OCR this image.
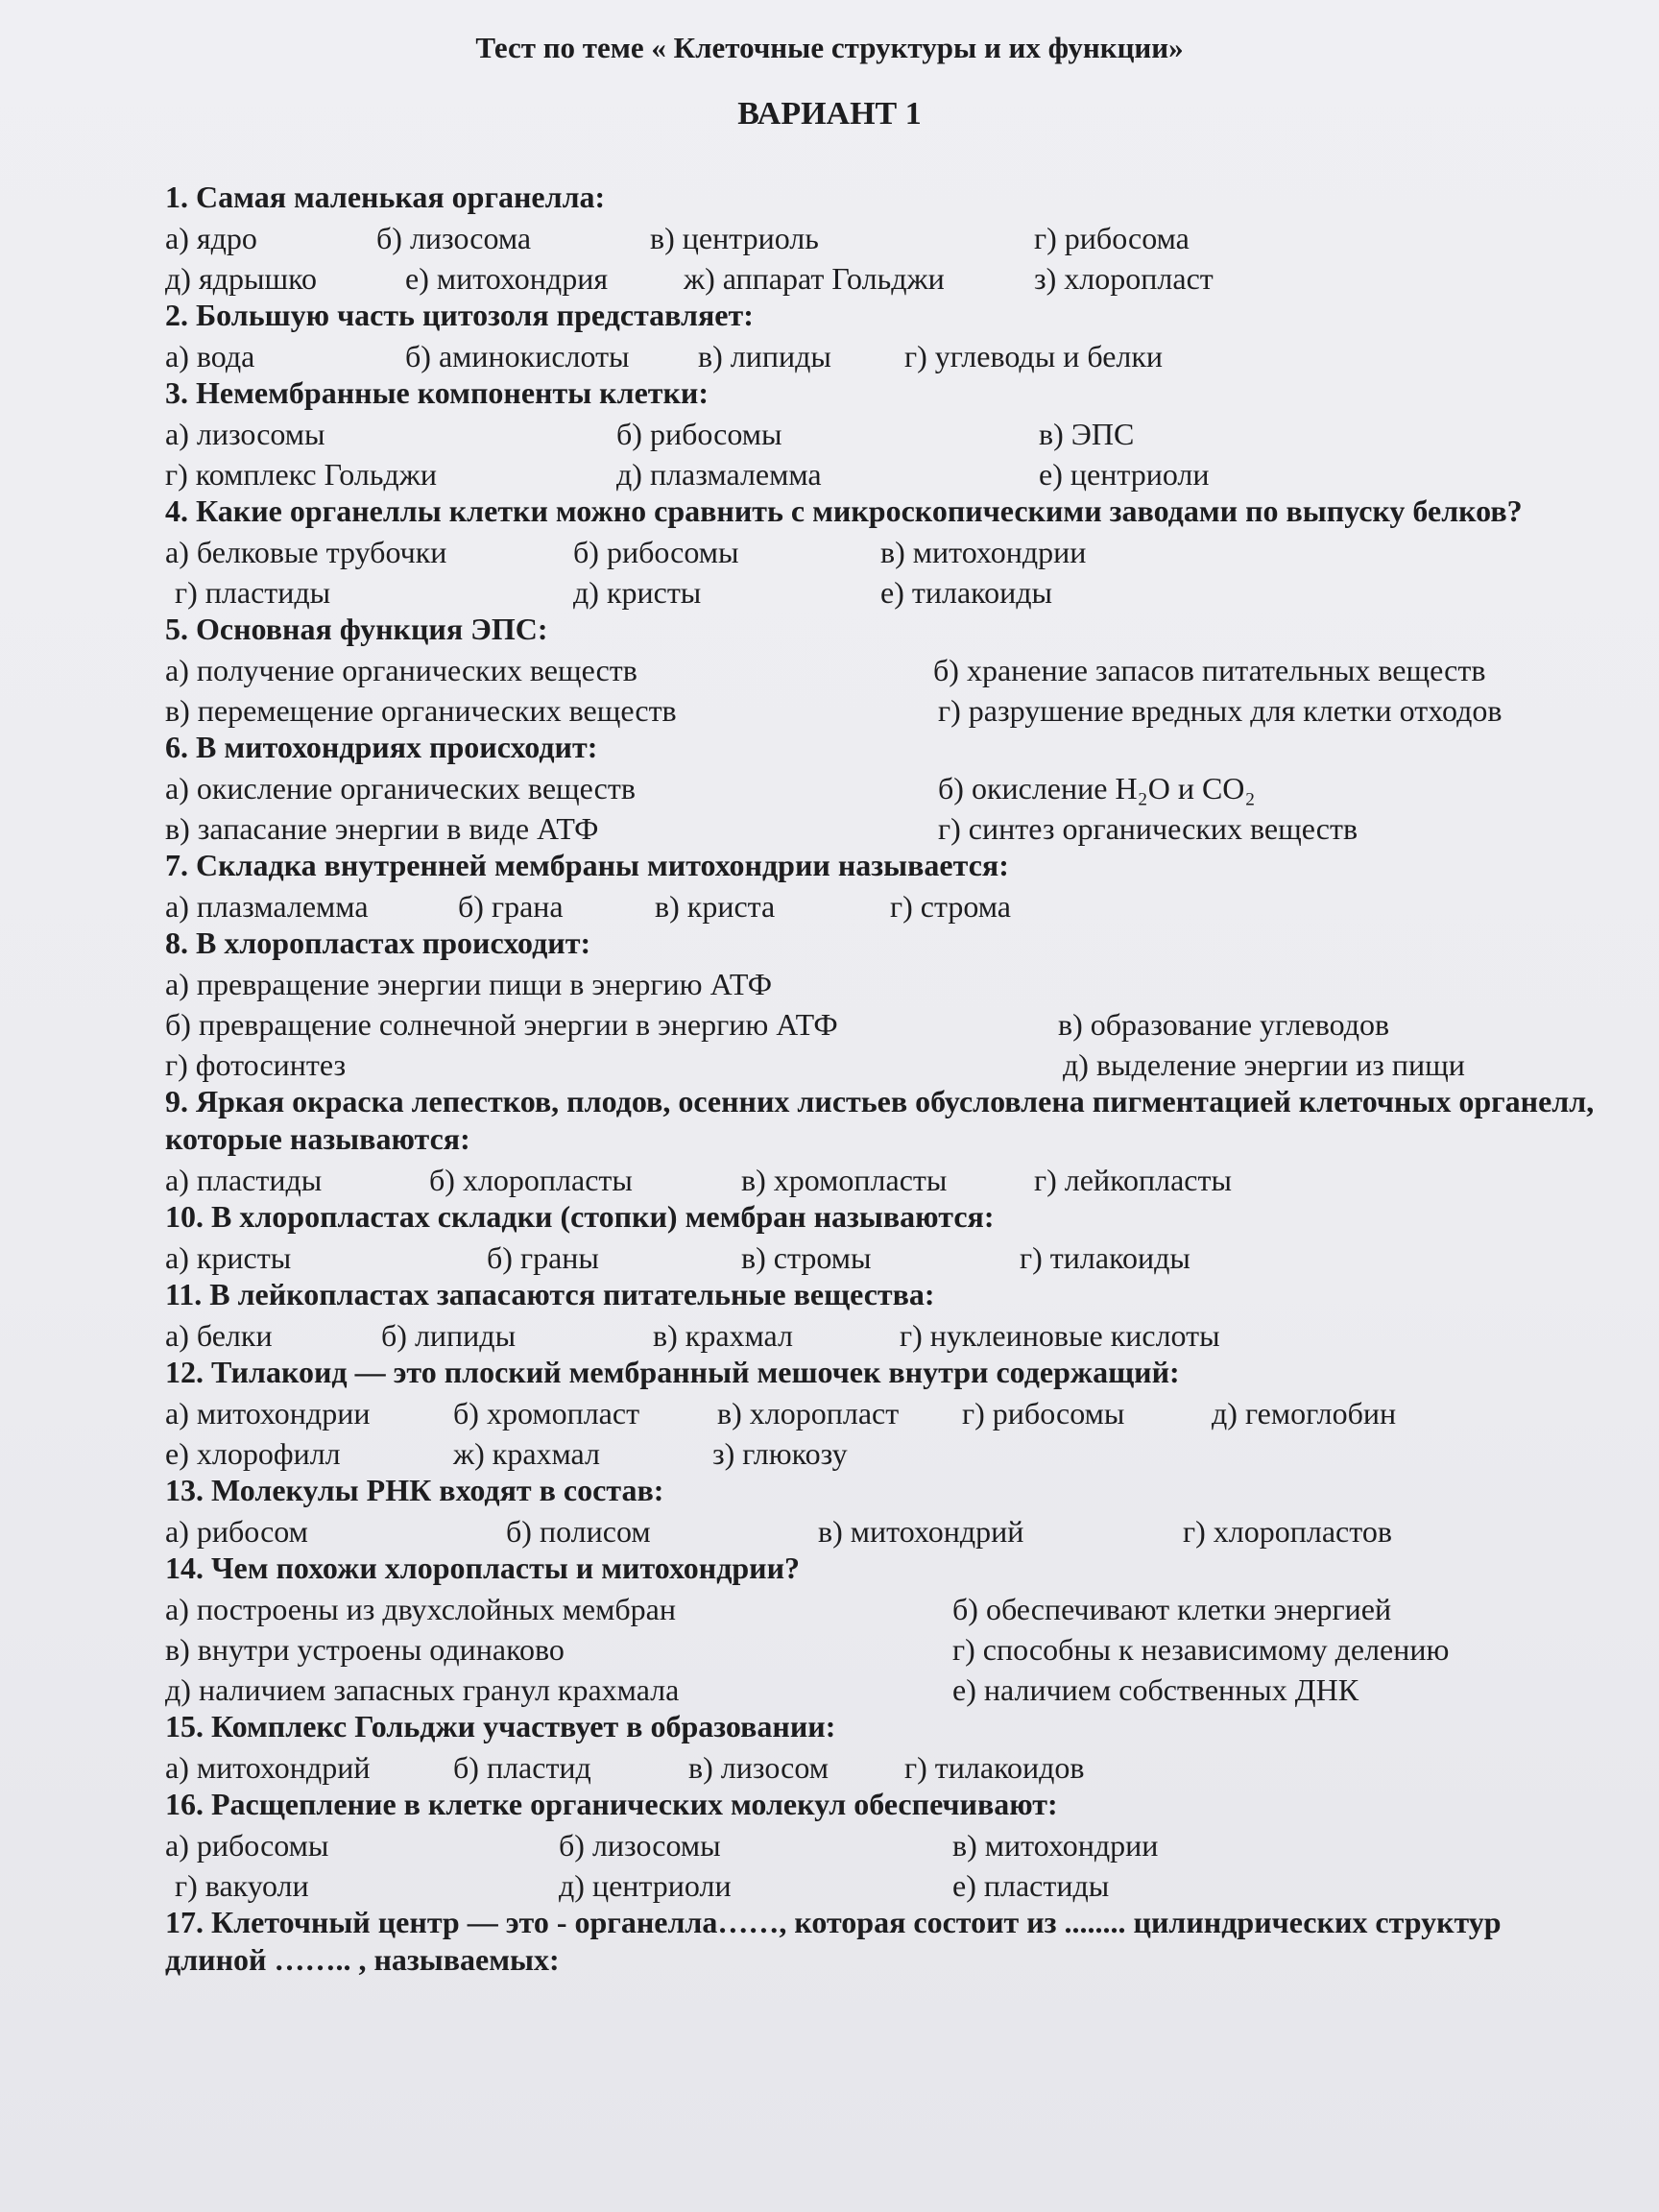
Тест по теме « Клеточные структуры и их функции»
ВАРИАНТ 1
1. Самая маленькая органелла:
а) ядро	б) лизосома	в) центриоль	г) рибосома
д) ядрышко	е) митохондрия ж) аппарат Гольджи	з) хлоропласт
2. Большую часть цитозоля представляет:
а) вода	б) аминокислоты в) липиды г) углеводы и белки
3. Немембранные компоненты клетки:
а) лизосомы	б) рибосомы	в) ЭПС
г) комплекс Гольджи	д) плазмалемма	е) центриоли
4. Какие органеллы клетки можно сравнить с микроскопическими заводами по выпуску белков?
а) белковые трубочки	б) рибосомы	в) митохондрии
г) пластиды	д) кристы	е) тилакоиды
5. Основная функция ЭПС:
а) получение органических веществ	б) хранение запасов питательных веществ
в) перемещение органических веществ	г) разрушение вредных для клетки отходов
6. В митохондриях происходит:
а) окисление органических веществ	б) окисление H₂O и CO₂
в) запасание энергии в виде АТФ	г) синтез органических веществ
7. Складка внутренней мембраны митохондрии называется:
а) плазмалемма	б) грана	в) криста	г) строма
8. В хлоропластах происходит:
а) превращение энергии пищи в энергию АТФ
б) превращение солнечной энергии в энергию АТФ	в) образование углеводов
г) фотосинтез	д) выделение энергии из пищи
9. Яркая окраска лепестков, плодов, осенних листьев обусловлена пигментацией клеточных органелл, которые называются:
а) пластиды	б) хлоропласты	в) хромопласты	г) лейкопласты
10. В хлоропластах складки (стопки) мембран называются:
а) кристы	б) граны	в) стромы	г) тилакоиды
11. В лейкопластах запасаются питательные вещества:
а) белки	б) липиды	в) крахмал	г) нуклеиновые кислоты
12. Тилакоид — это плоский мембранный мешочек внутри содержащий:
а) митохондрии	б) хромопласт	в) хлоропласт г) рибосомы	д) гемоглобин
е) хлорофилл	ж) крахмал	з) глюкозу
13. Молекулы РНК входят в состав:
а) рибосом	б) полисом	в) митохондрий	г) хлоропластов
14. Чем похожи хлоропласты и митохондрии?
а) построены из двухслойных мембран	б) обеспечивают клетки энергией
в) внутри устроены одинаково	г) способны к независимому делению
д) наличием запасных гранул крахмала	е) наличием собственных ДНК
15. Комплекс Гольджи участвует в образовании:
а) митохондрий	б) пластид	в) лизосом г) тилакоидов
16. Расщепление в клетке органических молекул обеспечивают:
а) рибосомы	б) лизосомы	в) митохондрии
г) вакуоли	д) центриоли	е) пластиды
17. Клеточный центр — это - органелла……, которая состоит из ........ цилиндрических структур длиной …….. , называемых:
